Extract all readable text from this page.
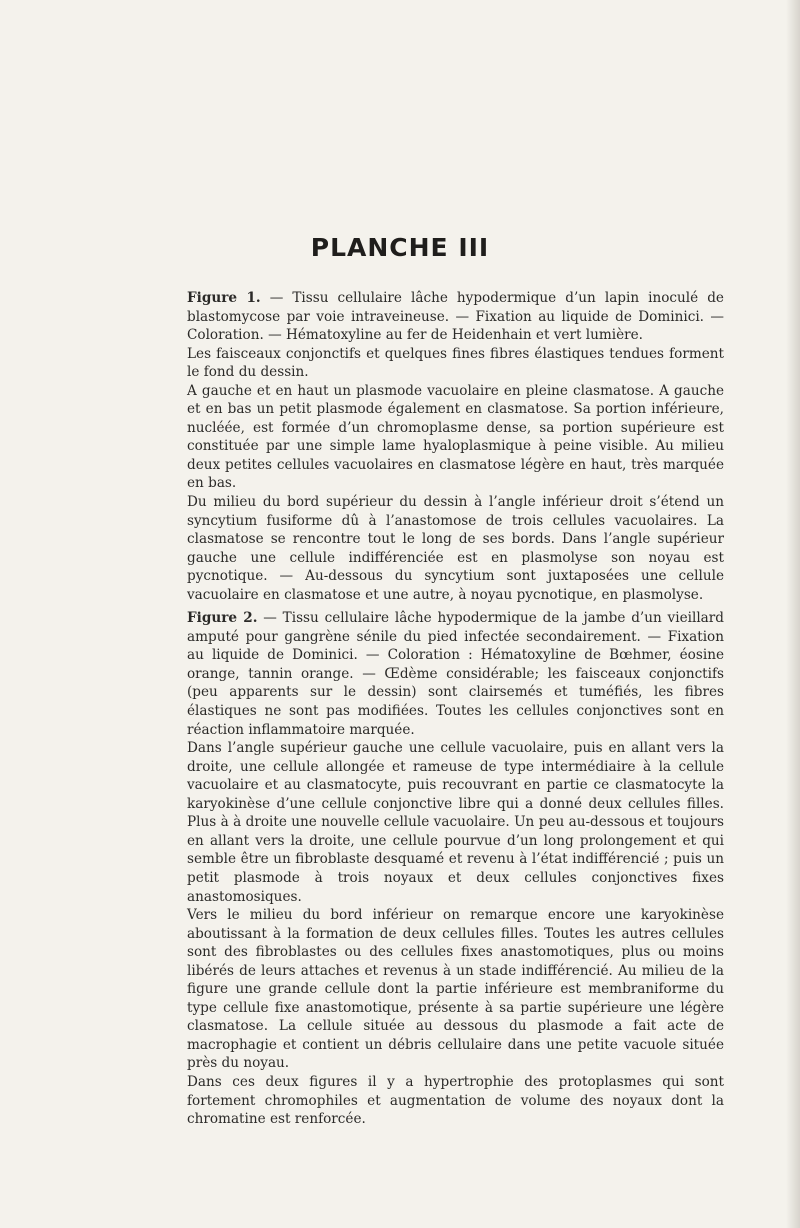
PLANCHE III

Figure 1. — Tissu cellulaire lâche hypodermique d’un lapin inoculé de blastomycose par voie intraveineuse. — Fixation au liquide de Dominici. — Coloration. — Hématoxyline au fer de Heidenhain et vert lumière.

Les faisceaux conjonctifs et quelques fines fibres élastiques tendues forment le fond du dessin.

A gauche et en haut un plasmode vacuolaire en pleine clasmatose. A gauche et en bas un petit plasmode également en clasmatose. Sa portion inférieure, nucléée, est formée d’un chromoplasme dense, sa portion supérieure est constituée par une simple lame hyaloplasmique à peine visible. Au milieu deux petites cellules vacuolaires en clasmatose légère en haut, très marquée en bas.

Du milieu du bord supérieur du dessin à l’angle inférieur droit s’étend un syncytium fusiforme dû à l’anastomose de trois cellules vacuolaires. La clasmatose se rencontre tout le long de ses bords. Dans l’angle supérieur gauche une cellule indifférenciée est en plasmolyse son noyau est pycnotique. — Au-dessous du syncytium sont juxtaposées une cellule vacuolaire en clasmatose et une autre, à noyau pycnotique, en plasmolyse.

Figure 2. — Tissu cellulaire lâche hypodermique de la jambe d’un vieillard amputé pour gangrène sénile du pied infectée secondairement. — Fixation au liquide de Dominici. — Coloration : Hématoxyline de Bœhmer, éosine orange, tannin orange. — Œdème considérable; les faisceaux conjonctifs (peu apparents sur le dessin) sont clairsemés et tuméfiés, les fibres élastiques ne sont pas modifiées. Toutes les cellules conjonctives sont en réaction inflammatoire marquée.

Dans l’angle supérieur gauche une cellule vacuolaire, puis en allant vers la droite, une cellule allongée et rameuse de type intermédiaire à la cellule vacuolaire et au clasmatocyte, puis recouvrant en partie ce clasmatocyte la karyokinèse d’une cellule conjonctive libre qui a donné deux cellules filles. Plus à à droite une nouvelle cellule vacuolaire. Un peu au-dessous et toujours en allant vers la droite, une cellule pourvue d’un long prolongement et qui semble être un fibroblaste desquamé et revenu à l’état indifférencié ; puis un petit plasmode à trois noyaux et deux cellules conjonctives fixes anastomosiques.

Vers le milieu du bord inférieur on remarque encore une karyokinèse aboutissant à la formation de deux cellules filles. Toutes les autres cellules sont des fibroblastes ou des cellules fixes anastomotiques, plus ou moins libérés de leurs attaches et revenus à un stade indifférencié. Au milieu de la figure une grande cellule dont la partie inférieure est membraniforme du type cellule fixe anastomotique, présente à sa partie supérieure une légère clasmatose. La cellule située au dessous du plasmode a fait acte de macrophagie et contient un débris cellulaire dans une petite vacuole située près du noyau.

Dans ces deux figures il y a hypertrophie des protoplasmes qui sont fortement chromophiles et augmentation de volume des noyaux dont la chromatine est renforcée.
